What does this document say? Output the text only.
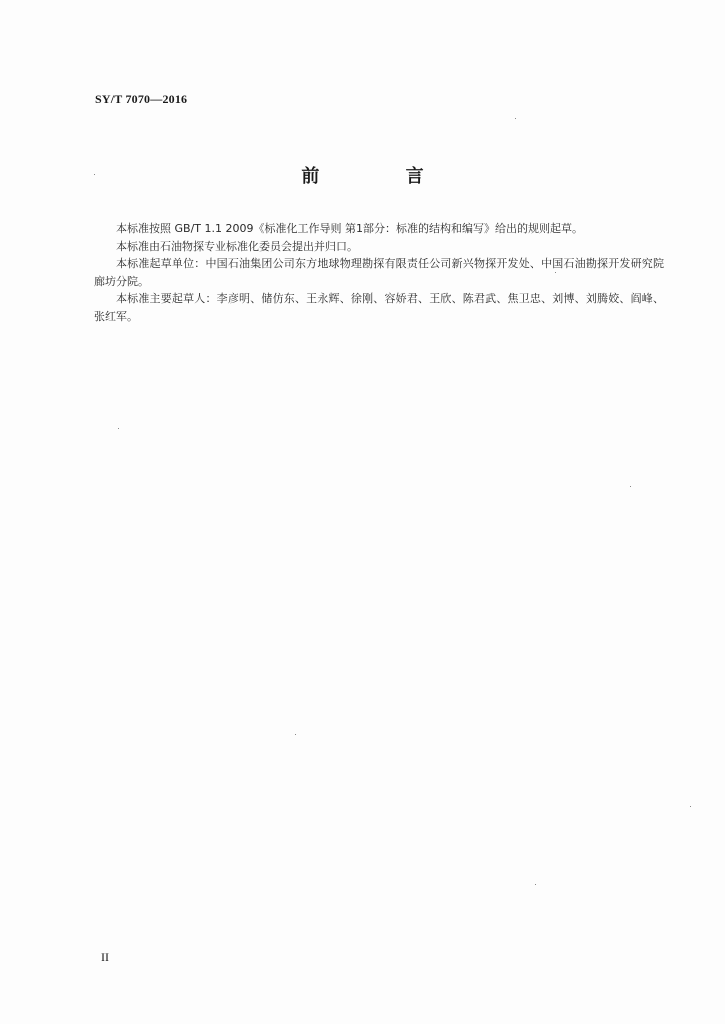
SY/T 7070—2016
前 言

本标准按照 GB/T 1.1 2009《标准化工作导则 第1部分：标准的结构和编写》给出的规则起草。

本标准由石油物探专业标准化委员会提出并归口。

本标准起草单位：中国石油集团公司东方地球物理勘探有限责任公司新兴物探开发处、中国石油勘探开发研究院廊坊分院。

本标准主要起草人：李彦明、储仿东、王永辉、徐刚、容娇君、王欣、陈君武、焦卫忠、刘博、刘腾姣、阎峰、张红军。

II
